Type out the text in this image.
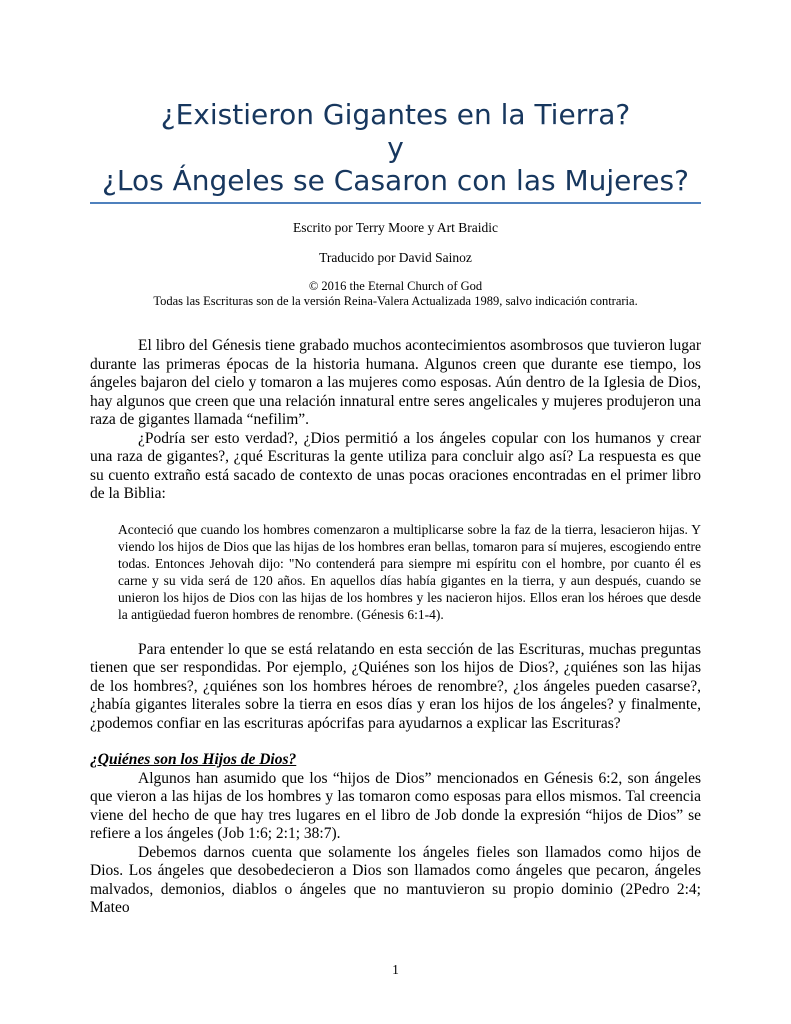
¿Existieron Gigantes en la Tierra?
y
¿Los Ángeles se Casaron con las Mujeres?
Escrito por Terry Moore y Art Braidic
Traducido por David Sainoz
© 2016 the Eternal Church of God
Todas las Escrituras son de la versión Reina-Valera Actualizada 1989, salvo indicación contraria.

El libro del Génesis tiene grabado muchos acontecimientos asombrosos que tuvieron lugar durante las primeras épocas de la historia humana. Algunos creen que durante ese tiempo, los ángeles bajaron del cielo y tomaron a las mujeres como esposas. Aún dentro de la Iglesia de Dios, hay algunos que creen que una relación innatural entre seres angelicales y mujeres produjeron una raza de gigantes llamada “nefilim”.

¿Podría ser esto verdad?, ¿Dios permitió a los ángeles copular con los humanos y crear una raza de gigantes?, ¿qué Escrituras la gente utiliza para concluir algo así? La respuesta es que su cuento extraño está sacado de contexto de unas pocas oraciones encontradas en el primer libro de la Biblia:

Aconteció que cuando los hombres comenzaron a multiplicarse sobre la faz de la tierra, lesacieron hijas. Y viendo los hijos de Dios que las hijas de los hombres eran bellas, tomaron para sí mujeres, escogiendo entre todas. Entonces Jehovah dijo: "No contenderá para siempre mi espíritu con el hombre, por cuanto él es carne y su vida será de 120 años. En aquellos días había gigantes en la tierra, y aun después, cuando se unieron los hijos de Dios con las hijas de los hombres y les nacieron hijos. Ellos eran los héroes que desde la antigüedad fueron hombres de renombre. (Génesis 6:1-4).

Para entender lo que se está relatando en esta sección de las Escrituras, muchas preguntas tienen que ser respondidas. Por ejemplo, ¿Quiénes son los hijos de Dios?, ¿quiénes son las hijas de los hombres?, ¿quiénes son los hombres héroes de renombre?, ¿los ángeles pueden casarse?, ¿había gigantes literales sobre la tierra en esos días y eran los hijos de los ángeles? y finalmente, ¿podemos confiar en las escrituras apócrifas para ayudarnos a explicar las Escrituras?

¿Quiénes son los Hijos de Dios?

Algunos han asumido que los “hijos de Dios” mencionados en Génesis 6:2, son ángeles que vieron a las hijas de los hombres y las tomaron como esposas para ellos mismos. Tal creencia viene del hecho de que hay tres lugares en el libro de Job donde la expresión “hijos de Dios” se refiere a los ángeles (Job 1:6; 2:1; 38:7).

Debemos darnos cuenta que solamente los ángeles fieles son llamados como hijos de Dios. Los ángeles que desobedecieron a Dios son llamados como ángeles que pecaron, ángeles malvados, demonios, diablos o ángeles que no mantuvieron su propio dominio (2Pedro 2:4; Mateo

1
